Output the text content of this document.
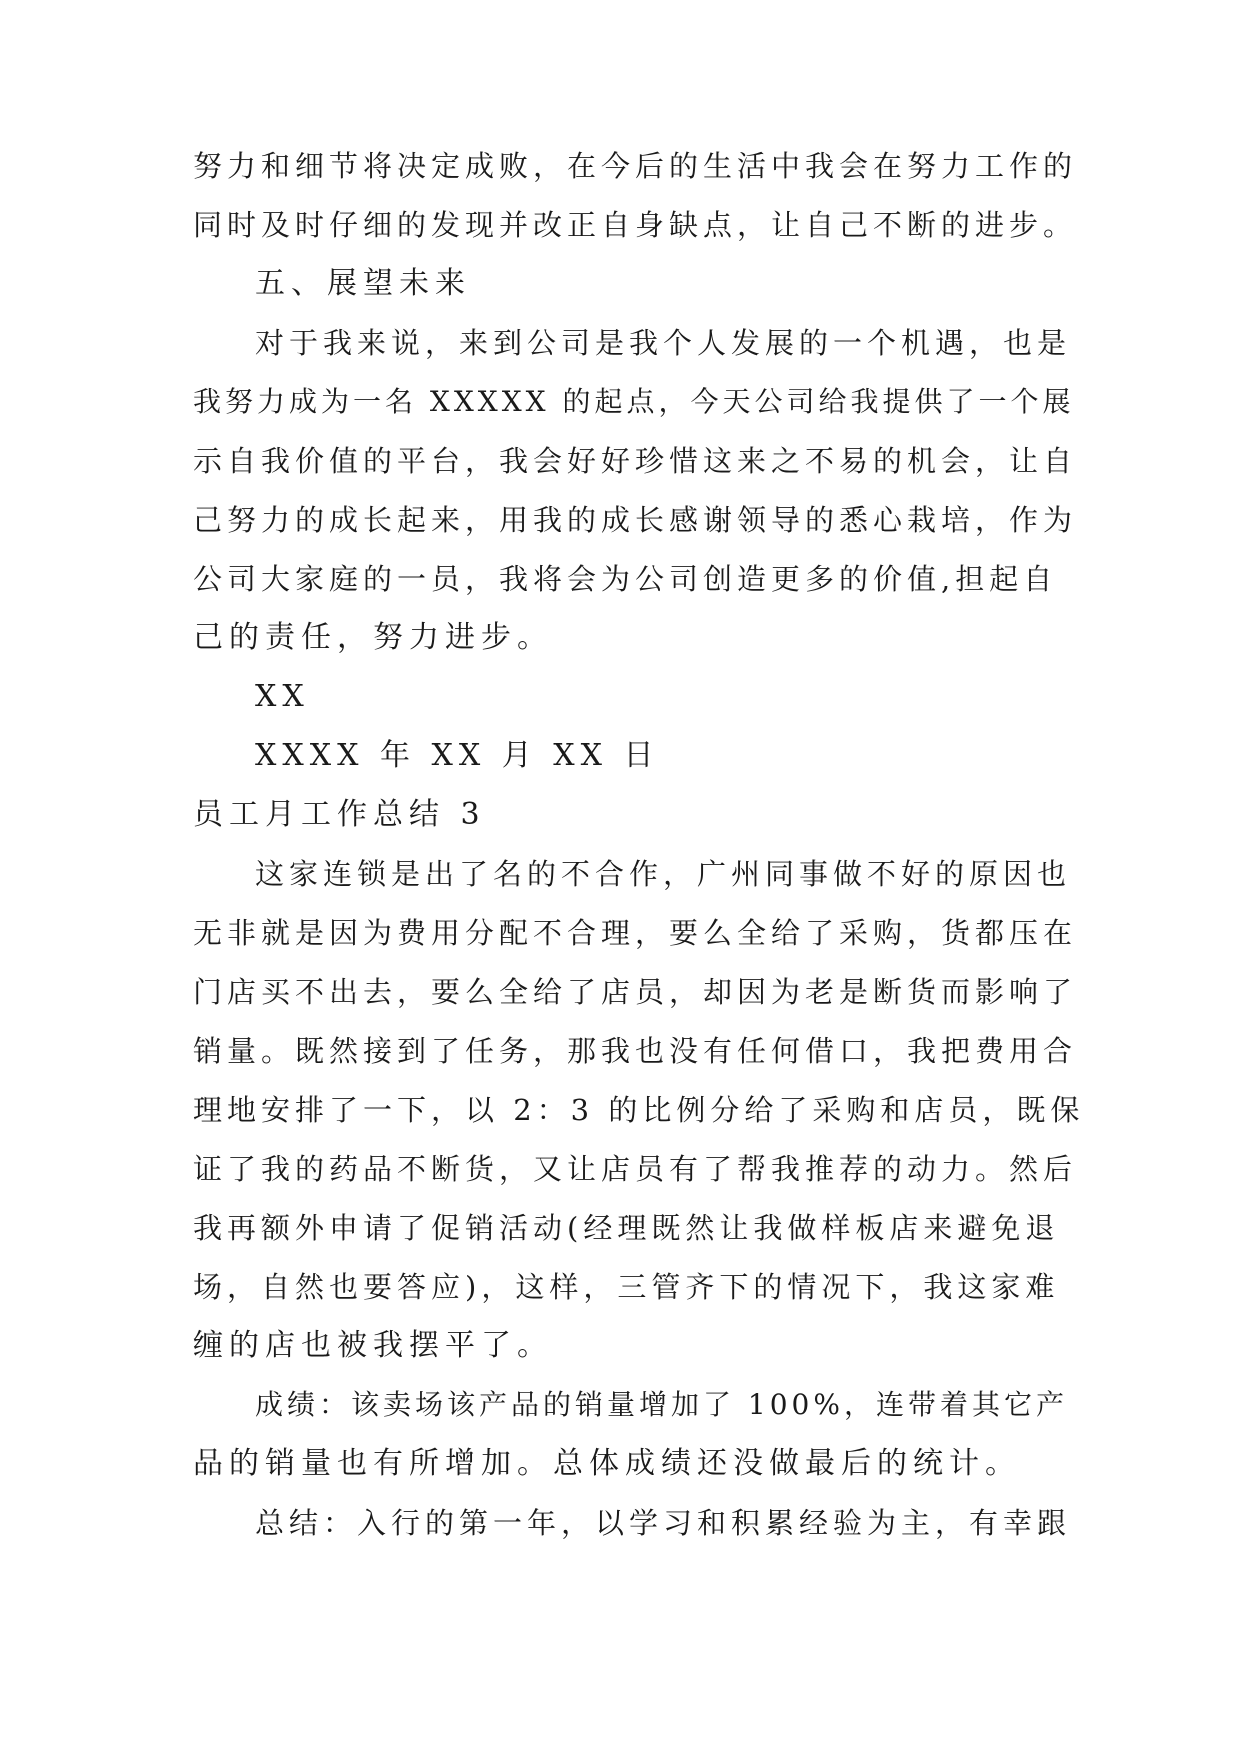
努力和细节将决定成败，在今后的生活中我会在努力工作的
同时及时仔细的发现并改正自身缺点，让自己不断的进步。
五、展望未来
对于我来说，来到公司是我个人发展的一个机遇，也是
我努力成为一名 XXXXX 的起点，今天公司给我提供了一个展
示自我价值的平台，我会好好珍惜这来之不易的机会，让自
己努力的成长起来，用我的成长感谢领导的悉心栽培，作为
公司大家庭的一员，我将会为公司创造更多的价值,担起自
己的责任，努力进步。
XX
XXXX 年 XX 月 XX 日
员工月工作总结 3
这家连锁是出了名的不合作，广州同事做不好的原因也
无非就是因为费用分配不合理，要么全给了采购，货都压在
门店买不出去，要么全给了店员，却因为老是断货而影响了
销量。既然接到了任务，那我也没有任何借口，我把费用合
理地安排了一下，以 2：3 的比例分给了采购和店员，既保
证了我的药品不断货，又让店员有了帮我推荐的动力。然后
我再额外申请了促销活动(经理既然让我做样板店来避免退
场，自然也要答应)，这样，三管齐下的情况下，我这家难
缠的店也被我摆平了。
成绩：该卖场该产品的销量增加了 100%，连带着其它产
品的销量也有所增加。总体成绩还没做最后的统计。
总结：入行的第一年，以学习和积累经验为主，有幸跟
